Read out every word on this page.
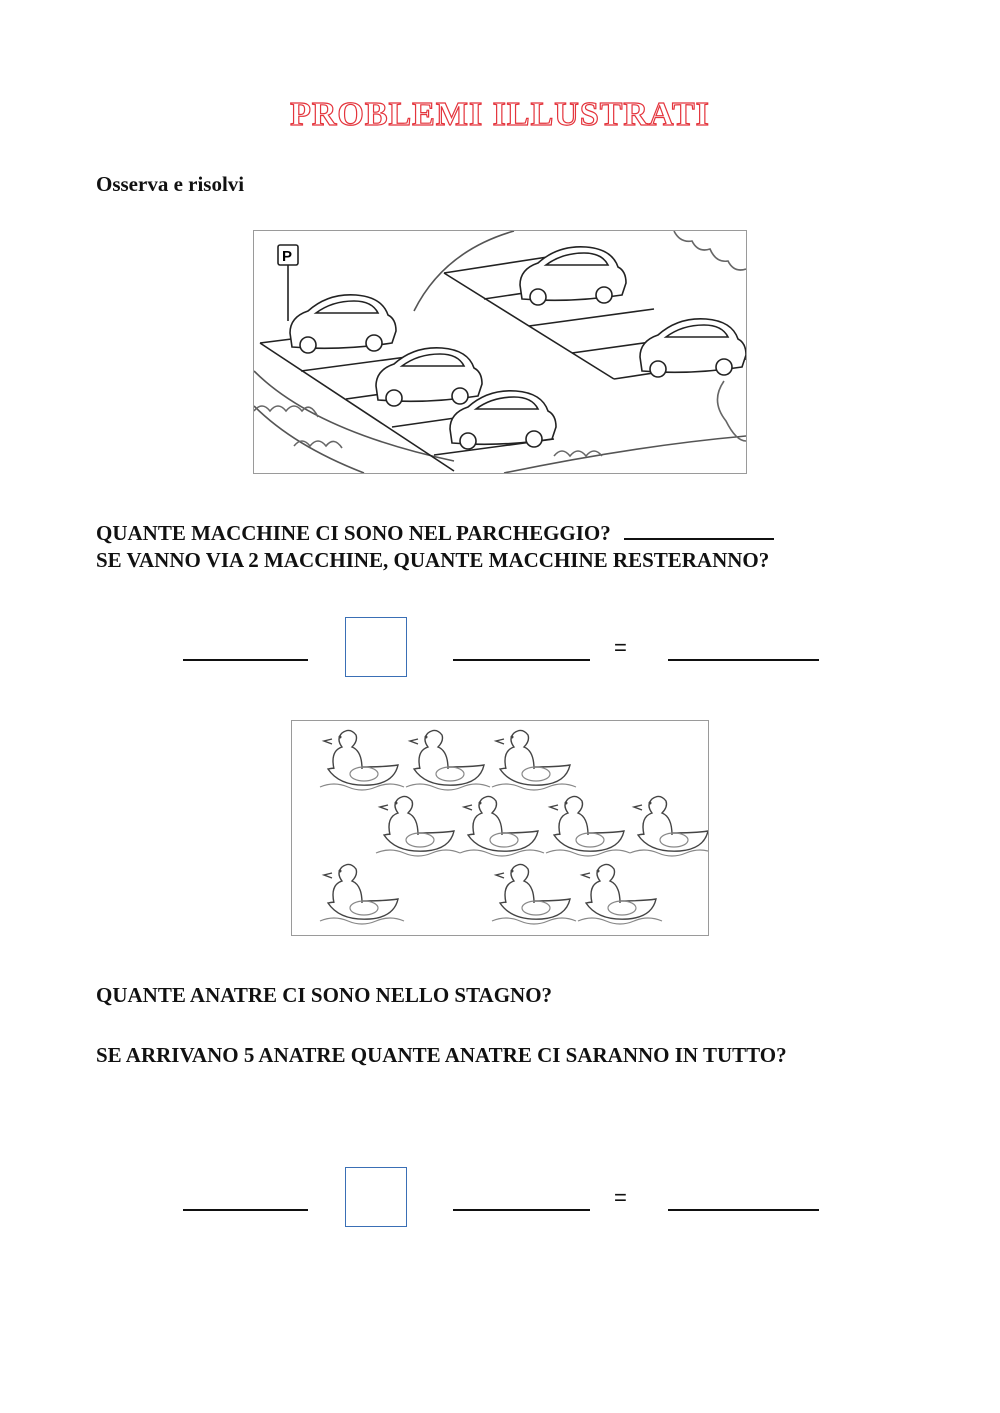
PROBLEMI ILLUSTRATI
Osserva e risolvi
P
QUANTE MACCHINE CI SONO NEL PARCHEGGIO?
SE VANNO VIA 2 MACCHINE, QUANTE MACCHINE RESTERANNO?
=
QUANTE ANATRE CI SONO NELLO STAGNO?
SE ARRIVANO 5 ANATRE QUANTE ANATRE CI SARANNO IN TUTTO?
=
